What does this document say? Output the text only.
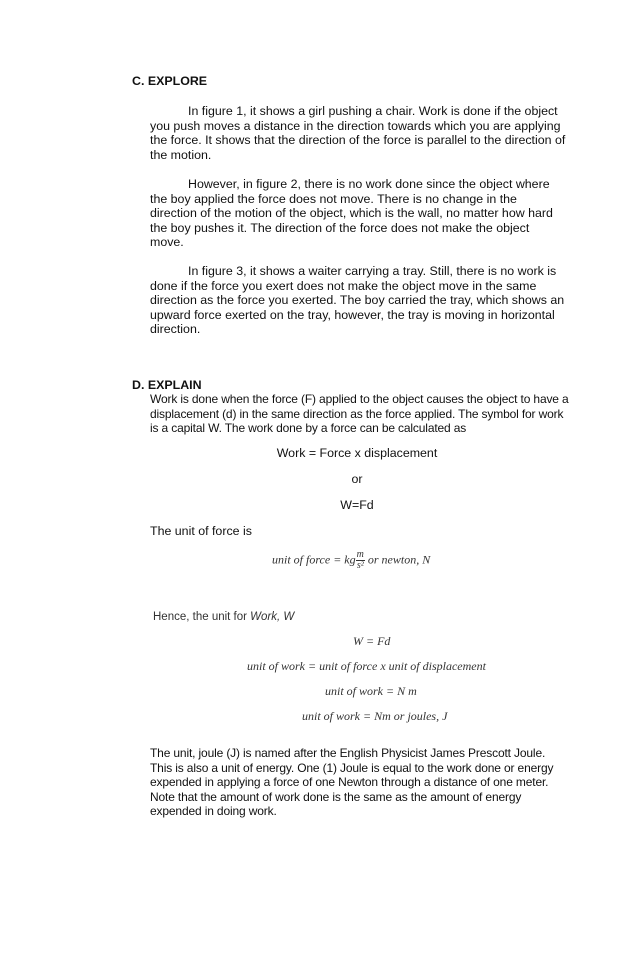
C. EXPLORE

In figure 1, it shows a girl pushing a chair. Work is done if the object you push moves a distance in the direction towards which you are applying the force. It shows that the direction of the force is parallel to the direction of the motion.

However, in figure 2, there is no work done since the object where the boy applied the force does not move. There is no change in the direction of the motion of the object, which is the wall, no matter how hard the boy pushes it. The direction of the force does not make the object move.

In figure 3, it shows a waiter carrying a tray. Still, there is no work is done if the force you exert does not make the object move in the same direction as the force you exerted. The boy carried the tray, which shows an upward force exerted on the tray, however, the tray is moving in horizontal direction.

D. EXPLAIN

Work is done when the force (F) applied to the object causes the object to have a displacement (d) in the same direction as the force applied. The symbol for work is a capital W. The work done by a force can be calculated as

Work = Force x displacement
or
W=Fd
The unit of force is
unit of force = kg $\frac{m}{\text{s²}}$ or newton, N
Hence, the unit for Work, W
W = Fd
unit of work = unit of force x unit of displacement
unit of work = N m
unit of work = Nm or joules, J

The unit, joule (J) is named after the English Physicist James Prescott Joule. This is also a unit of energy. One (1) Joule is equal to the work done or energy expended in applying a force of one Newton through a distance of one meter. Note that the amount of work done is the same as the amount of energy expended in doing work.
